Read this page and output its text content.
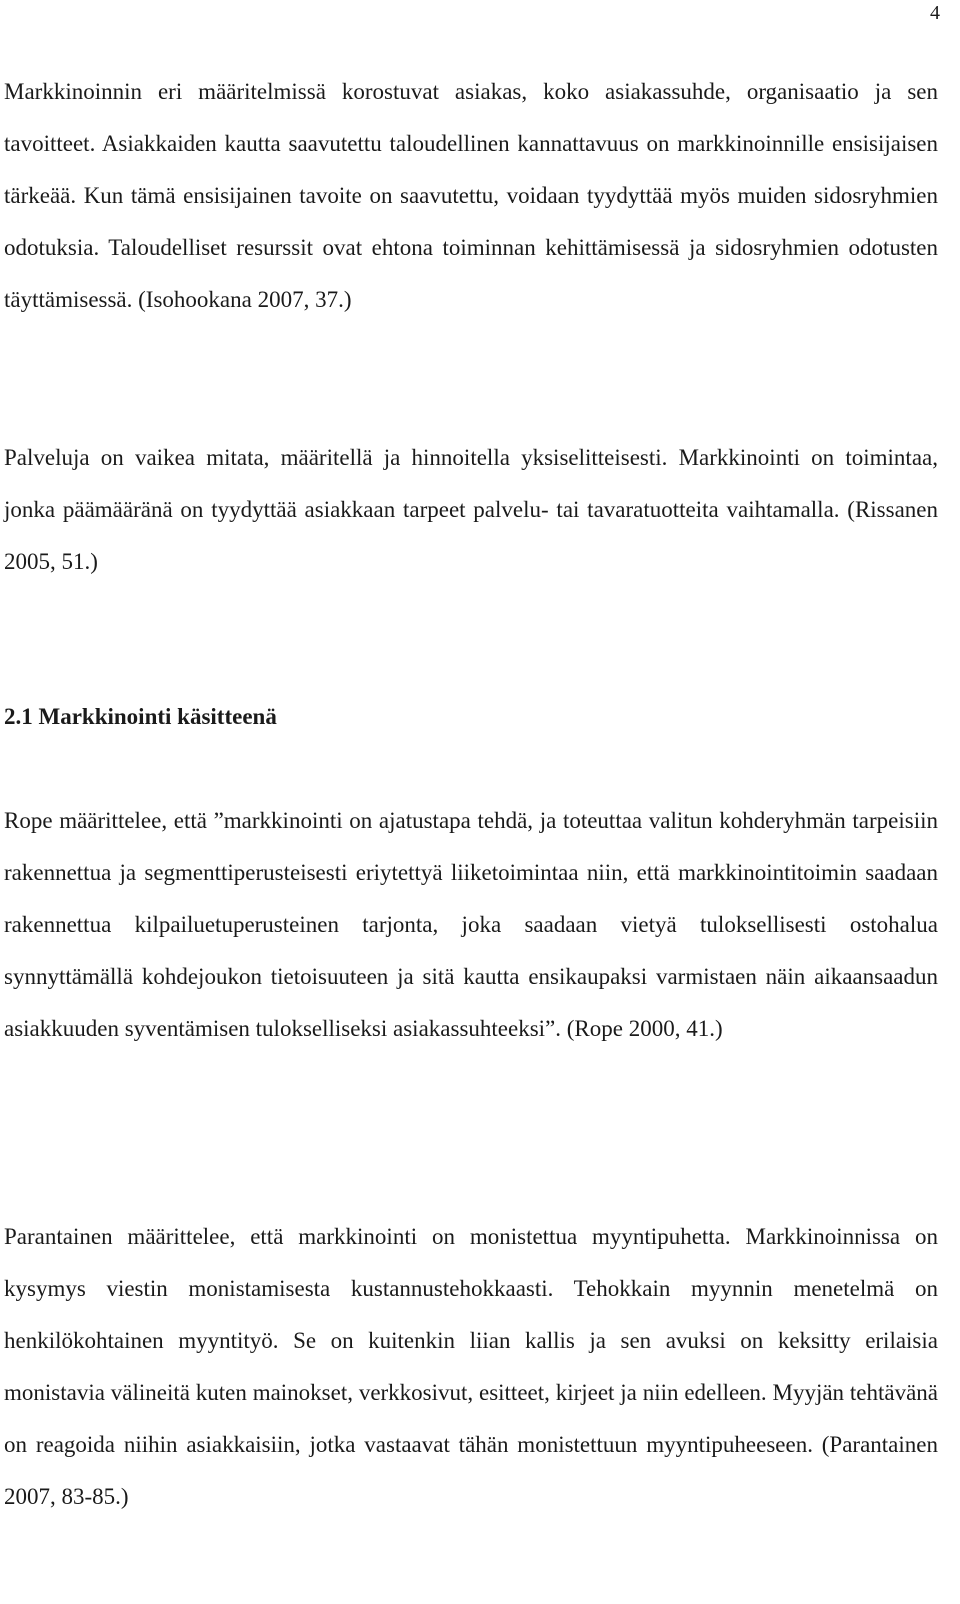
4

Markkinoinnin eri määritelmissä korostuvat asiakas, koko asiakassuhde, organisaatio ja sen tavoitteet. Asiakkaiden kautta saavutettu taloudellinen kannattavuus on markkinoinnille ensisijaisen tärkeää. Kun tämä ensisijainen tavoite on saavutettu, voidaan tyydyttää myös muiden sidosryhmien odotuksia. Taloudelliset resurssit ovat ehtona toiminnan kehittämisessä ja sidosryhmien odotusten täyttämisessä. (Isohookana 2007, 37.)

Palveluja on vaikea mitata, määritellä ja hinnoitella yksiselitteisesti. Markkinointi on toimintaa, jonka päämääränä on tyydyttää asiakkaan tarpeet palvelu- tai tavaratuotteita vaihtamalla. (Rissanen 2005, 51.)

2.1 Markkinointi käsitteenä

Rope määrittelee, että ”markkinointi on ajatustapa tehdä, ja toteuttaa valitun kohderyhmän tarpeisiin rakennettua ja segmenttiperusteisesti eriytettyä liiketoimintaa niin, että markkinointitoimin saadaan rakennettua kilpailuetuperusteinen tarjonta, joka saadaan vietyä tuloksellisesti ostohalua synnyttämällä kohdejoukon tietoisuuteen ja sitä kautta ensikaupaksi varmistaen näin aikaansaadun asiakkuuden syventämisen tulokselliseksi asiakassuhteeksi”. (Rope 2000, 41.)

Parantainen määrittelee, että markkinointi on monistettua myyntipuhetta. Markkinoinnissa on kysymys viestin monistamisesta kustannustehokkaasti. Tehokkain myynnin menetelmä on henkilökohtainen myyntityö. Se on kuitenkin liian kallis ja sen avuksi on keksitty erilaisia monistavia välineitä kuten mainokset, verkkosivut, esitteet, kirjeet ja niin edelleen. Myyjän tehtävänä on reagoida niihin asiakkaisiin, jotka vastaavat tähän monistettuun myyntipuheeseen. (Parantainen 2007, 83-85.)
